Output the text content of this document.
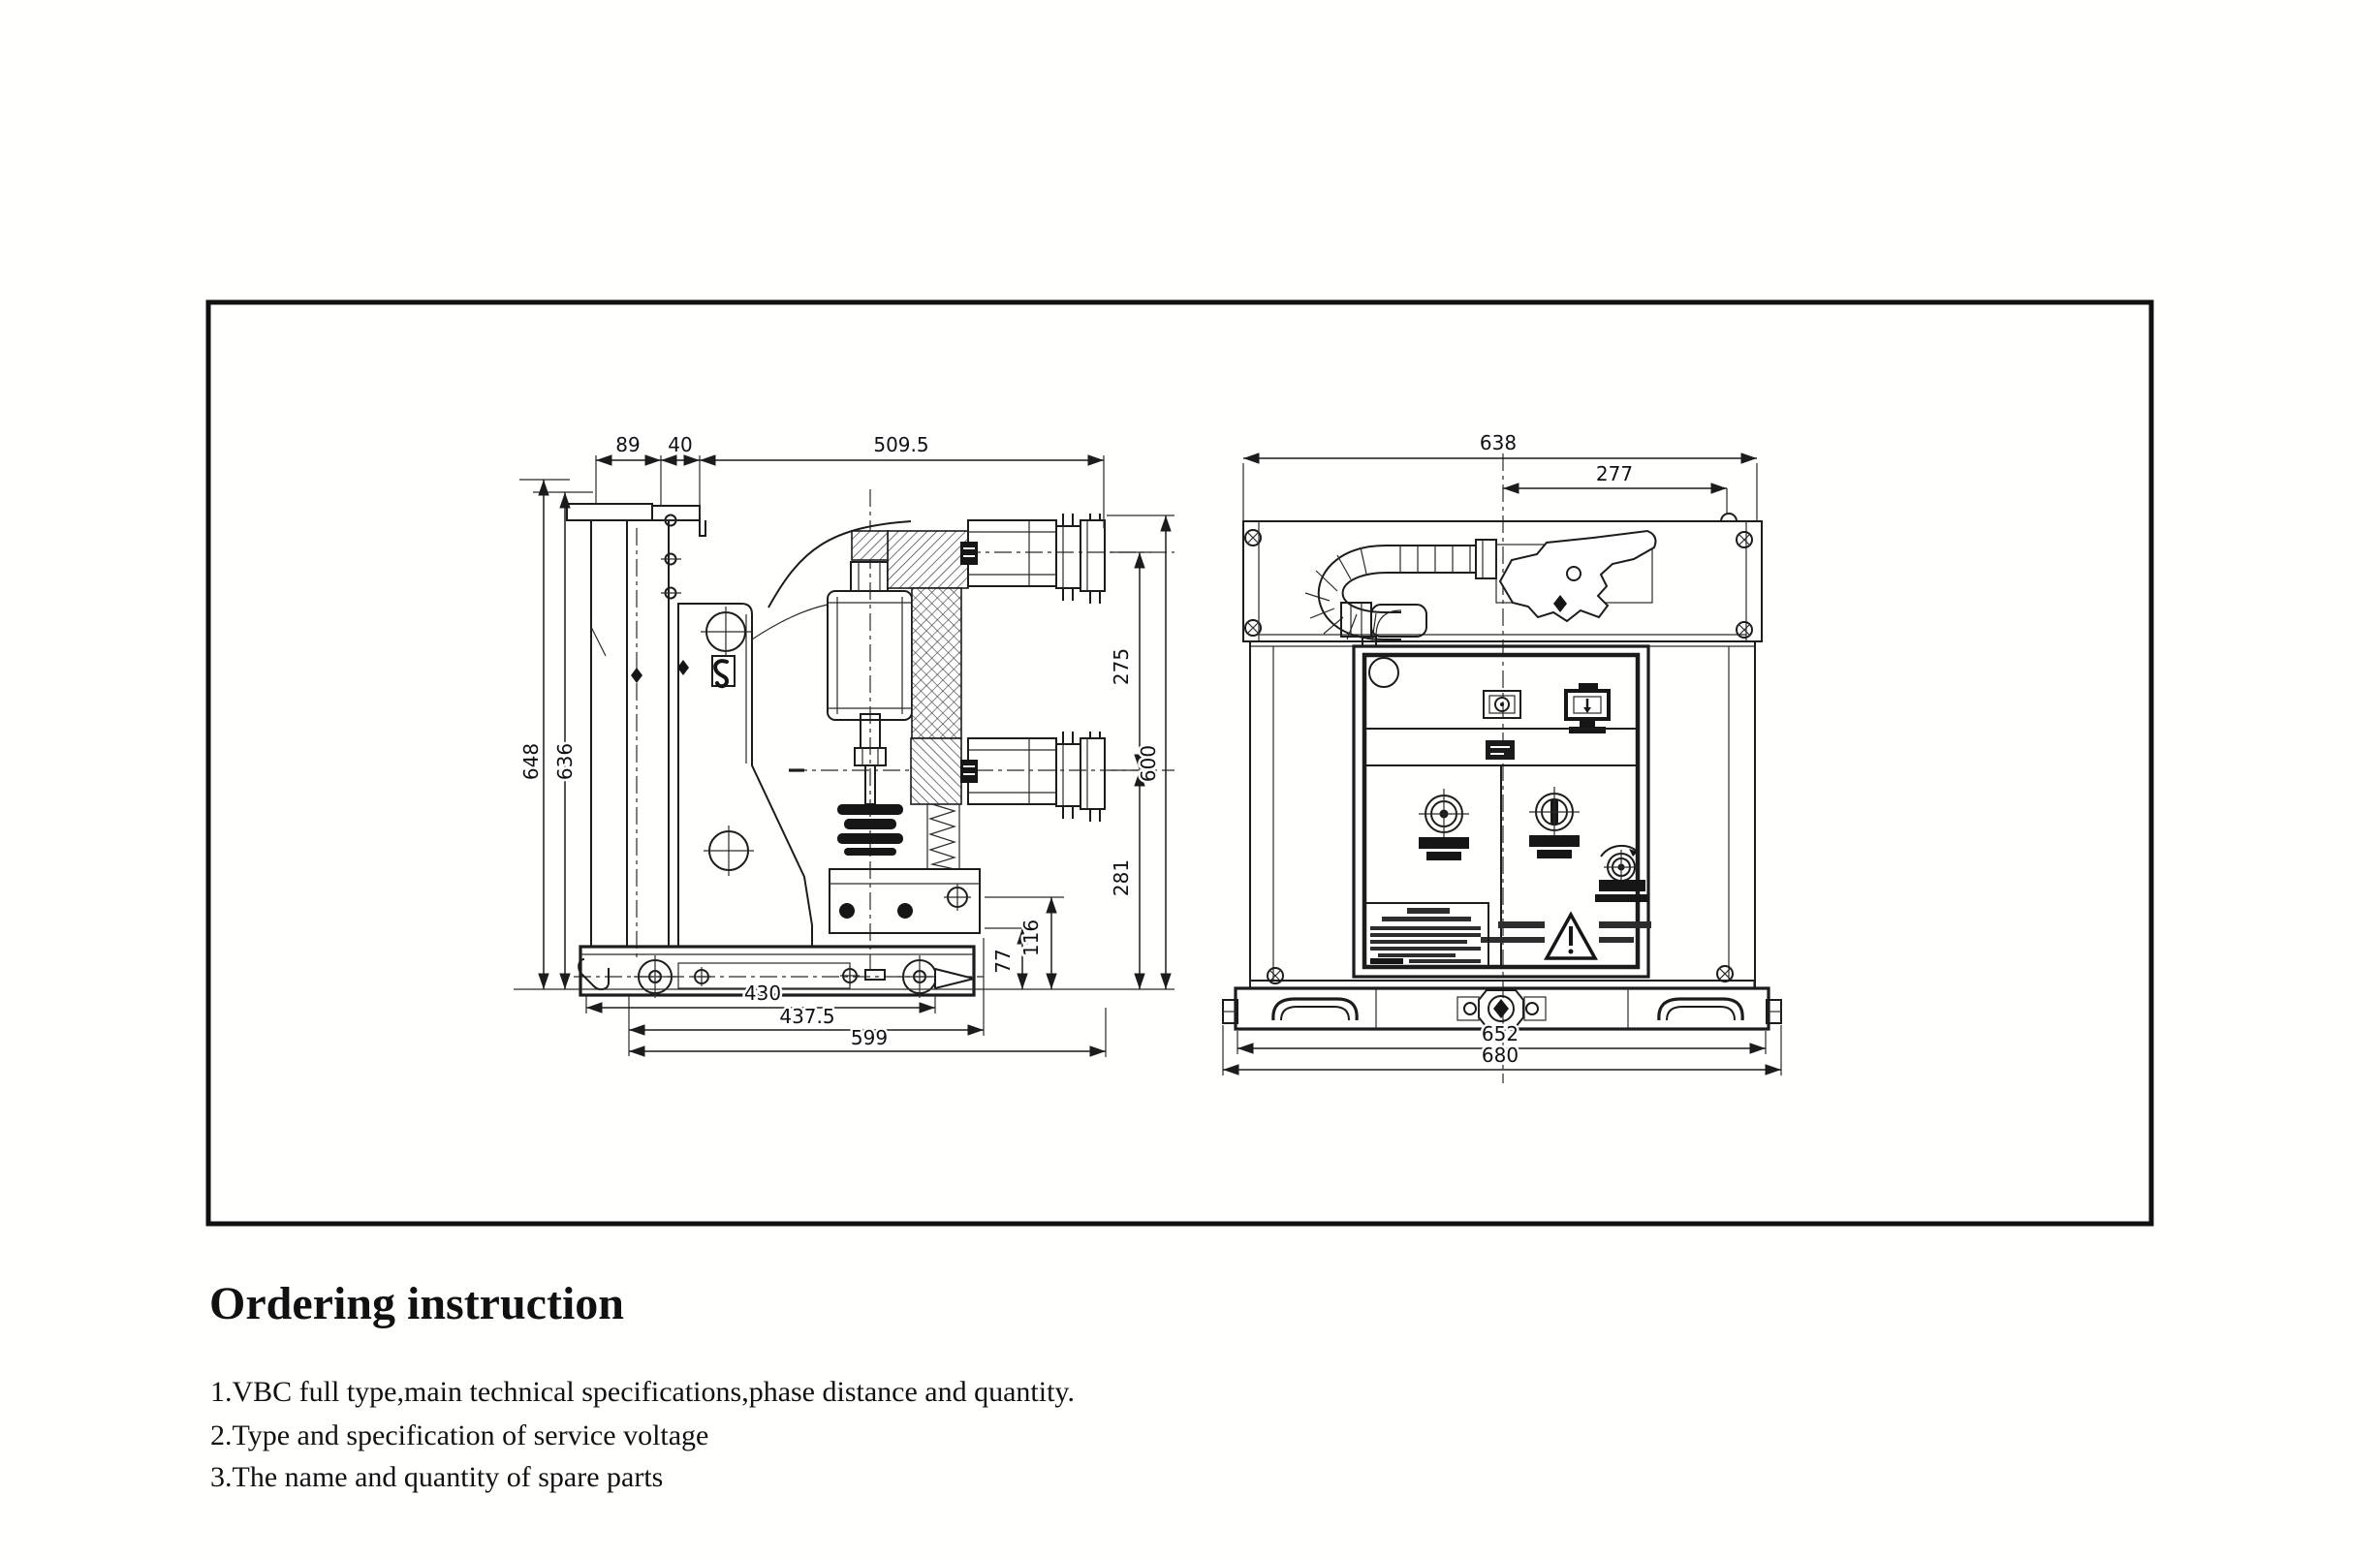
89 40	509.5
648 636
275
281
600
116
77
430
437.5
599
638
277
652
680
Ordering instruction
1.VBC full type,main technical specifications,phase distance and quantity.
2.Type and specification of service voltage
3.The name and quantity of spare parts
